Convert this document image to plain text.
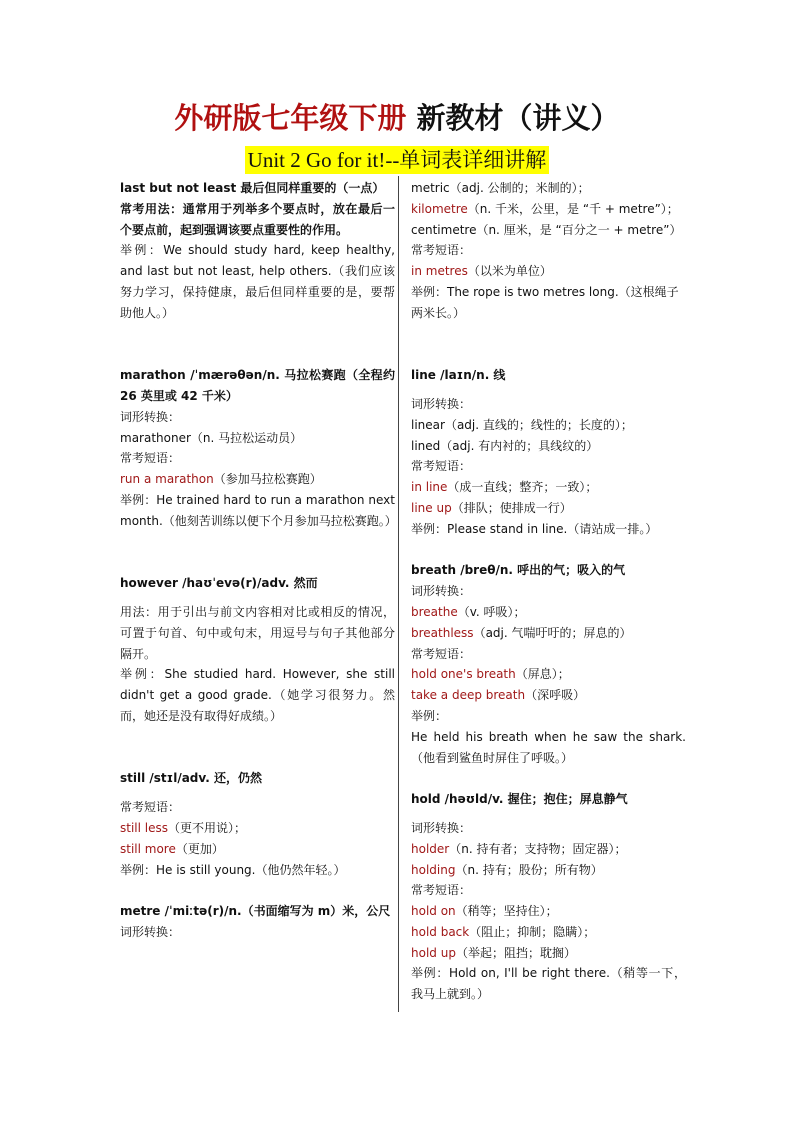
外研版七年级下册 新教材（讲义）
Unit 2 Go for it!--单词表详细讲解
last but not least 最后但同样重要的（一点）
常考用法：通常用于列举多个要点时，放在最后一个要点前，起到强调该要点重要性的作用。
举例：We should study hard, keep healthy, and last but not least, help others.（我们应该努力学习，保持健康，最后但同样重要的是，要帮助他人。）
marathon /ˈmærəθən/n. 马拉松赛跑（全程约 26 英里或 42 千米）
词形转换：
marathoner（n. 马拉松运动员）
常考短语：
run a marathon（参加马拉松赛跑）
举例：He trained hard to run a marathon next month.（他刻苦训练以便下个月参加马拉松赛跑。）
however /haʊˈevə(r)/adv. 然而
用法：用于引出与前文内容相对比或相反的情况，可置于句首、句中或句末，用逗号与句子其他部分隔开。
举例：She studied hard. However, she still didn't get a good grade.（她学习很努力。然而，她还是没有取得好成绩。）
still /stɪl/adv. 还，仍然
常考短语：
still less（更不用说）；
still more（更加）
举例：He is still young.（他仍然年轻。）
metre /ˈmiːtə(r)/n.（书面缩写为 m）米，公尺
词形转换：
metric（adj. 公制的；米制的）；
kilometre（n. 千米，公里，是 “千 + metre”）；
centimetre（n. 厘米，是 “百分之一 + metre”）
常考短语：
in metres（以米为单位）
举例：The rope is two metres long.（这根绳子两米长。）
line /laɪn/n. 线
词形转换：
linear（adj. 直线的；线性的；长度的）；
lined（adj. 有内衬的；具线纹的）
常考短语：
in line（成一直线；整齐；一致）；
line up（排队；使排成一行）
举例：Please stand in line.（请站成一排。）
breath /breθ/n. 呼出的气；吸入的气
词形转换：
breathe（v. 呼吸）；
breathless（adj. 气喘吁吁的；屏息的）
常考短语：
hold one's breath（屏息）；
take a deep breath（深呼吸）
举例：
He held his breath when he saw the shark.（他看到鲨鱼时屏住了呼吸。）
hold /həʊld/v. 握住；抱住；屏息静气
词形转换：
holder（n. 持有者；支持物；固定器）；
holding（n. 持有；股份；所有物）
常考短语：
hold on（稍等；坚持住）；
hold back（阻止；抑制；隐瞒）；
hold up（举起；阻挡；耽搁）
举例：Hold on, I'll be right there.（稍等一下，我马上就到。）
